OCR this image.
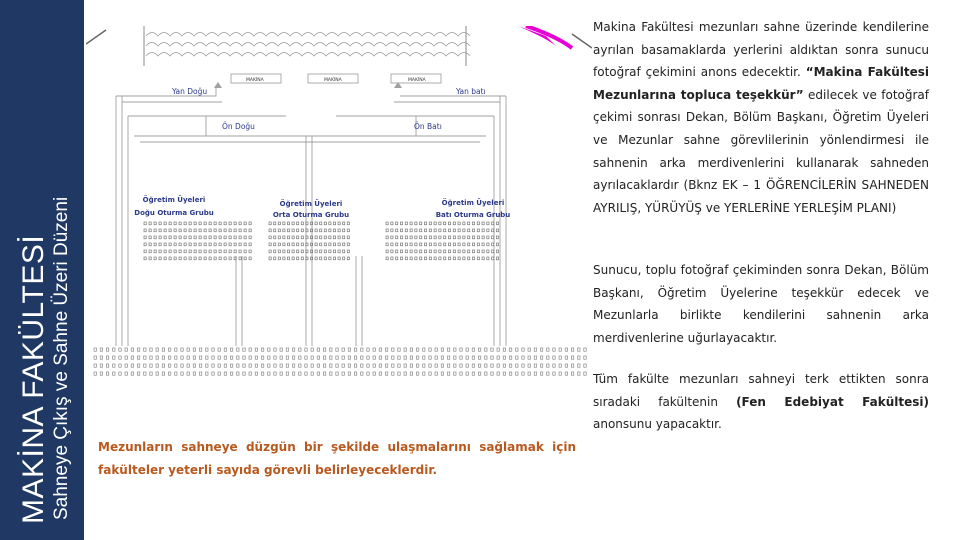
MAKİNA FAKÜLTESİ Sahneye Çıkış ve Sahne Üzeri Düzeni
MAKİNA	MAKİNA	MAKİNA
Yan Doğu	Yan batı
Ön Doğu	Ön Batı
Öğretim Üyeleri
Doğu Oturma Grubu
Öğretim Üyeleri
Orta Oturma Grubu
Öğretim Üyeleri
Batı Oturma Grubu
Makina Fakültesi mezunları sahne üzerinde kendilerine ayrılan basamaklarda yerlerini aldıktan sonra sunucu fotoğraf çekimini anons edecektir. “Makina Fakültesi Mezunlarına topluca teşekkür” edilecek ve fotoğraf çekimi sonrası Dekan, Bölüm Başkanı, Öğretim Üyeleri ve Mezunlar sahne görevlilerinin yönlendirmesi ile sahnenin arka merdivenlerini kullanarak sahneden ayrılacaklardır (Bknz EK – 1 ÖĞRENCİLERİN SAHNEDEN AYRILIŞ, YÜRÜYÜŞ ve YERLERİNE YERLEŞİM PLANI)
Sunucu, toplu fotoğraf çekiminden sonra Dekan, Bölüm Başkanı, Öğretim Üyelerine teşekkür edecek ve Mezunlarla birlikte kendilerini sahnenin arka merdivenlerine uğurlayacaktır.
Tüm fakülte mezunları sahneyi terk ettikten sonra sıradaki fakültenin (Fen Edebiyat Fakültesi) anonsunu yapacaktır.
Mezunların sahneye düzgün bir şekilde ulaşmalarını sağlamak için fakülteler yeterli sayıda görevli belirleyeceklerdir.
